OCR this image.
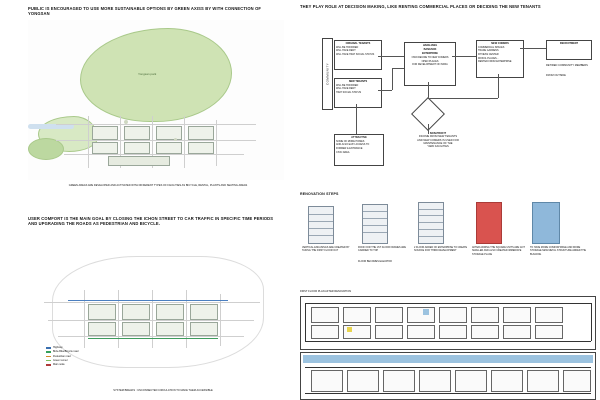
PUBLIC IS ENCOURAGED TO USE MORE SUSTAINABLE OPTIONS BY GREEN AXISS BY WITH CONNECTION OF YONGSAN
Yongsan park
GREEN AREAS ARE DEVELOPED AND ACTIVATED WITH DIFFERENT TYPES OF FACILITIES AS BICYCLE, RENTAL, PLANTS AND SEATING AREAS
USER COMFORT IS THE MAIN GOAL BY CLOSING THE ICHON STREET TO CAR TRAFFIC IN SPECIFIC TIME PERIODS AND UPGRADING THE ROADS AS PEDESTRIAN AND BICYCLE.
Highway
Bicle-Bike/Bicycle road
Pedestrian road
Green tunnel
Main node
SYSTEM BREAKS : UNCONNECTED CIRCULATION TO MAKE THEM ACCESSIBLE
THEY PLAY ROLE AT DECISION MAKING, LIKE RENTING COMMERCIAL PLACES OR DECIDING THE NEW TENANTS
COMMUNITY
ORIGINAL TENANTS
WILL BE HONORED
WILL HAVE RENT
WILL HAVE HIGH SOCIAL STATUS
NEW TENANTS
WILL BE HONORED
WILL HAVE RENT
HIGH SOCIAL STATUS
HANGJANG
BANGSOK
ENTERPRISE
OWN DECIDE TO NEW COMERS
OPEN PLACES
FOR DEVELOPMENT OF INFRA
NEW COMERS
COMMERCIAL SPACES
TRADE GARDENS
FITNESS CENTER
MOKOL PLACES...
RENTED FROM ENTERPRISE
RECRUITMENT
RETIRED COMMUNITY MEMBERS
FROM OUTSIDE
ATTRACTIVE
SOME OF MORE HOMES
AND ALSO EASY ACCESS TO
FORMER & ENTRANCE
CIVIC AREA
NON-PROFIT
INCOME FROM NEW TENANTS
AND NEW COMERS IS USED FOR
MAINTENANCE OF THE
YARD FACILITIES
RENOVATION STEPS
VERTICAL ENCASINGS ARE CREATED BY TAKING THE FIRST FLOOR OUT
ROOF FOR THE 1ST FLOOR FRAMES ARE CARRIED TO TOP
2 FLOOR ADDED OF ENTERPRISE TO CREATE SOURCE FOR THIRD DEVELOPMENT
AFTER ADDING THE SQUARE UNITS ARE GOT SMALLER AND ALSO CREATED IMMEDIATE STORAGE PLACE
TO HAVE MORE COMFORTABLE AND MORE STORAGE NEW METAL STRUCTURE ADDED THE BUILDING
FLOOR BECOMES ELEVATOR
FIRST FLOOR PLAN AFTER RENOVATION
